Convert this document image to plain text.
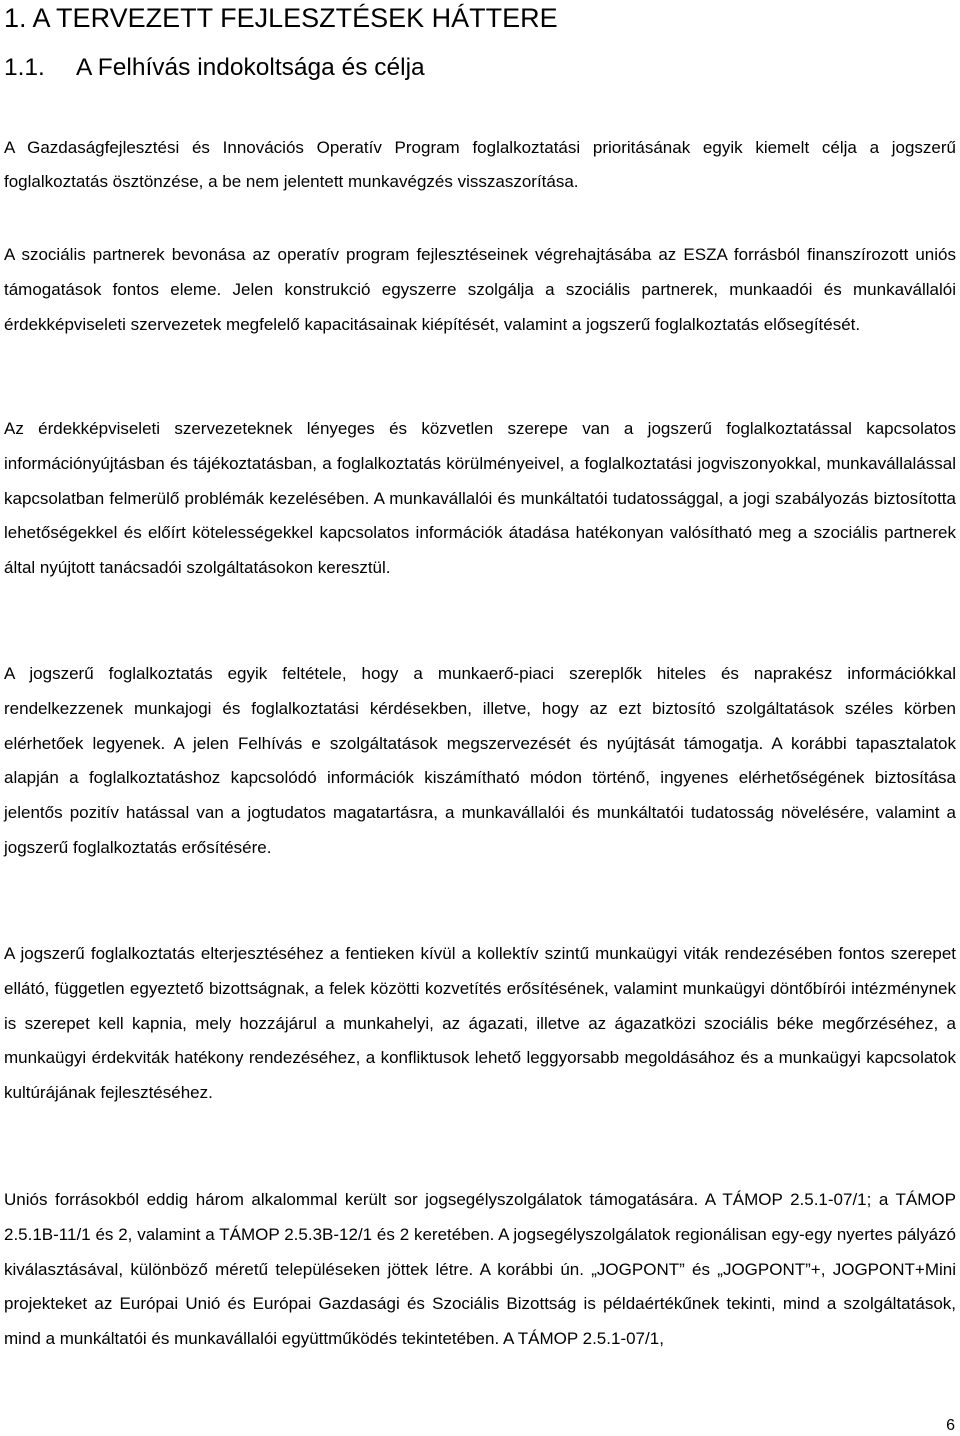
1. A TERVEZETT FEJLESZTÉSEK HÁTTERE
1.1. A Felhívás indokoltsága és célja

A Gazdaságfejlesztési és Innovációs Operatív Program foglalkoztatási prioritásának egyik kiemelt célja a jogszerű foglalkoztatás ösztönzése, a be nem jelentett munkavégzés visszaszorítása.

A szociális partnerek bevonása az operatív program fejlesztéseinek végrehajtásába az ESZA forrásból finanszírozott uniós támogatások fontos eleme. Jelen konstrukció egyszerre szolgálja a szociális partnerek, munkaadói és munkavállalói érdekképviseleti szervezetek megfelelő kapacitásainak kiépítését, valamint a jogszerű foglalkoztatás elősegítését.

Az érdekképviseleti szervezeteknek lényeges és közvetlen szerepe van a jogszerű foglalkoztatással kapcsolatos információnyújtásban és tájékoztatásban, a foglalkoztatás körülményeivel, a foglalkoztatási jogviszonyokkal, munkavállalással kapcsolatban felmerülő problémák kezelésében. A munkavállalói és munkáltatói tudatossággal, a jogi szabályozás biztosította lehetőségekkel és előírt kötelességekkel kapcsolatos információk átadása hatékonyan valósítható meg a szociális partnerek által nyújtott tanácsadói szolgáltatásokon keresztül.

A jogszerű foglalkoztatás egyik feltétele, hogy a munkaerő-piaci szereplők hiteles és naprakész információkkal rendelkezzenek munkajogi és foglalkoztatási kérdésekben, illetve, hogy az ezt biztosító szolgáltatások széles körben elérhetőek legyenek. A jelen Felhívás e szolgáltatások megszervezését és nyújtását támogatja. A korábbi tapasztalatok alapján a foglalkoztatáshoz kapcsolódó információk kiszámítható módon történő, ingyenes elérhetőségének biztosítása jelentős pozitív hatással van a jogtudatos magatartásra, a munkavállalói és munkáltatói tudatosság növelésére, valamint a jogszerű foglalkoztatás erősítésére.

A jogszerű foglalkoztatás elterjesztéséhez a fentieken kívül a kollektív szintű munkaügyi viták rendezésében fontos szerepet ellátó, független egyeztető bizottságnak, a felek közötti kozvetítés erősítésének, valamint munkaügyi döntőbírói intézménynek is szerepet kell kapnia, mely hozzájárul a munkahelyi, az ágazati, illetve az ágazatközi szociális béke megőrzéséhez, a munkaügyi érdekviták hatékony rendezéséhez, a konfliktusok lehető leggyorsabb megoldásához és a munkaügyi kapcsolatok kultúrájának fejlesztéséhez.

Uniós forrásokból eddig három alkalommal került sor jogsegélyszolgálatok támogatására. A TÁMOP 2.5.1-07/1; a TÁMOP 2.5.1B-11/1 és 2, valamint a TÁMOP 2.5.3B-12/1 és 2 keretében. A jogsegélyszolgálatok regionálisan egy-egy nyertes pályázó kiválasztásával, különböző méretű településeken jöttek létre. A korábbi ún. „JOGPONT” és „JOGPONT”+, JOGPONT+Mini projekteket az Európai Unió és Európai Gazdasági és Szociális Bizottság is példaértékűnek tekinti, mind a szolgáltatások, mind a munkáltatói és munkavállalói együttműködés tekintetében. A TÁMOP 2.5.1-07/1,

6
